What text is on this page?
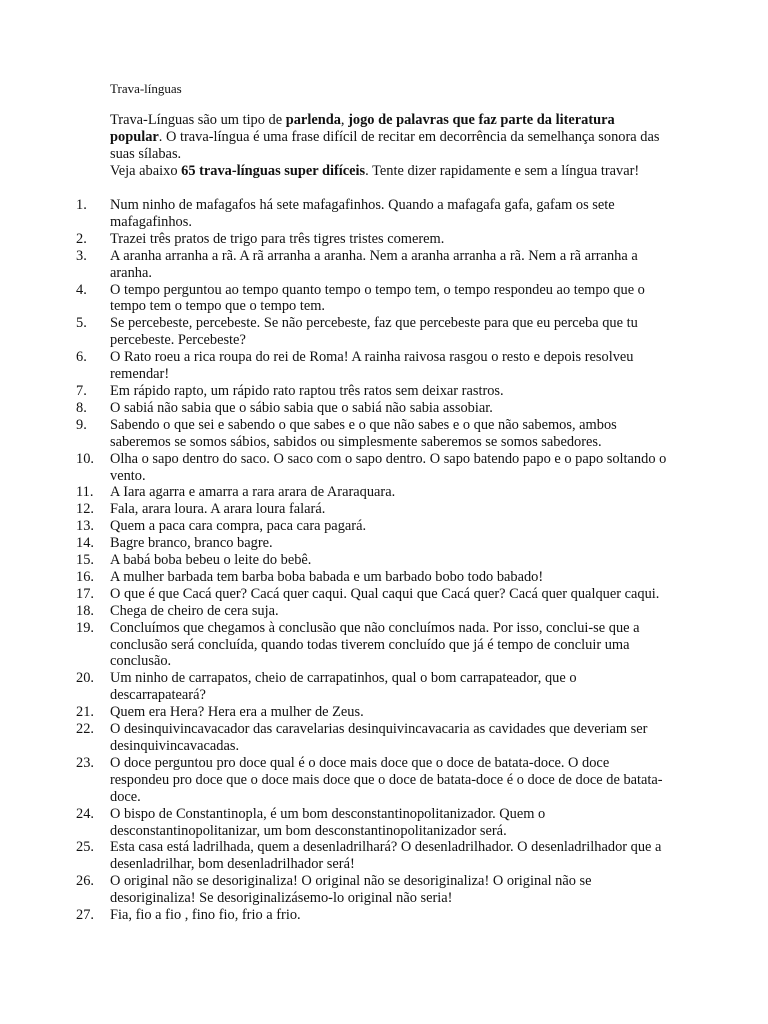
Trava-línguas

Trava-Línguas são um tipo de parlenda, jogo de palavras que faz parte da literatura popular. O trava-língua é uma frase difícil de recitar em decorrência da semelhança sonora das suas sílabas.

Veja abaixo 65 trava-línguas super difíceis. Tente dizer rapidamente e sem a língua travar!

1.	Num ninho de mafagafos há sete mafagafinhos. Quando a mafagafa gafa, gafam os sete mafagafinhos.
2.	Trazei três pratos de trigo para três tigres tristes comerem.
3.	A aranha arranha a rã. A rã arranha a aranha. Nem a aranha arranha a rã. Nem a rã arranha a aranha.
4.	O tempo perguntou ao tempo quanto tempo o tempo tem, o tempo respondeu ao tempo que o tempo tem o tempo que o tempo tem.
5.	Se percebeste, percebeste. Se não percebeste, faz que percebeste para que eu perceba que tu percebeste. Percebeste?
6.	O Rato roeu a rica roupa do rei de Roma! A rainha raivosa rasgou o resto e depois resolveu remendar!
7.	Em rápido rapto, um rápido rato raptou três ratos sem deixar rastros.
8.	O sabiá não sabia que o sábio sabia que o sabiá não sabia assobiar.
9.	Sabendo o que sei e sabendo o que sabes e o que não sabes e o que não sabemos, ambos saberemos se somos sábios, sabidos ou simplesmente saberemos se somos sabedores.
10.	Olha o sapo dentro do saco. O saco com o sapo dentro. O sapo batendo papo e o papo soltando o vento.
11.	A Iara agarra e amarra a rara arara de Araraquara.
12.	Fala, arara loura. A arara loura falará.
13.	Quem a paca cara compra, paca cara pagará.
14.	Bagre branco, branco bagre.
15.	A babá boba bebeu o leite do bebê.
16.	A mulher barbada tem barba boba babada e um barbado bobo todo babado!
17.	O que é que Cacá quer? Cacá quer caqui. Qual caqui que Cacá quer? Cacá quer qualquer caqui.
18.	Chega de cheiro de cera suja.
19.	Concluímos que chegamos à conclusão que não concluímos nada. Por isso, conclui-se que a conclusão será concluída, quando todas tiverem concluído que já é tempo de concluir uma conclusão.
20.	Um ninho de carrapatos, cheio de carrapatinhos, qual o bom carrapateador, que o descarrapateará?
21.	Quem era Hera? Hera era a mulher de Zeus.
22.	O desinquivincavacador das caravelarias desinquivincavacaria as cavidades que deveriam ser desinquivincavacadas.
23.	O doce perguntou pro doce qual é o doce mais doce que o doce de batata-doce. O doce respondeu pro doce que o doce mais doce que o doce de batata-doce é o doce de doce de batata-doce.
24.	O bispo de Constantinopla, é um bom desconstantinopolitanizador. Quem o desconstantinopolitanizar, um bom desconstantinopolitanizador será.
25.	Esta casa está ladrilhada, quem a desenladrilhará? O desenladrilhador. O desenladrilhador que a desenladrilhar, bom desenladrilhador será!
26.	O original não se desoriginaliza! O original não se desoriginaliza! O original não se desoriginaliza! Se desoriginalizásemo-lo original não seria!
27.	Fia, fio a fio , fino fio, frio a frio.
